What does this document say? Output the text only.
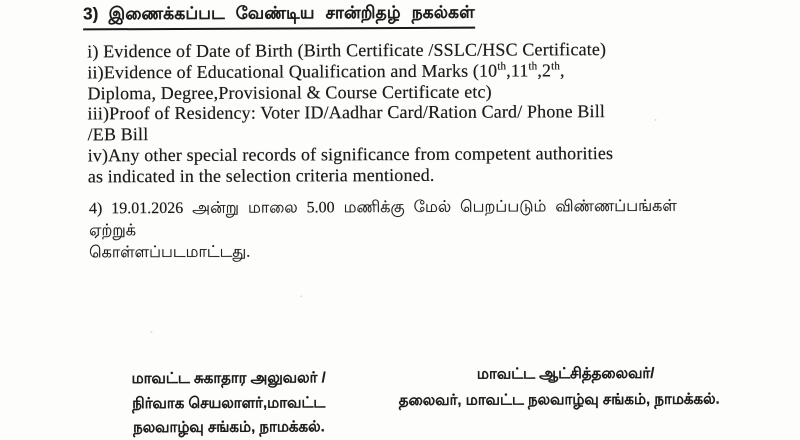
3) இணைக்கப்பட வேண்டிய சான்றிதழ் நகல்கள்
i) Evidence of Date of Birth (Birth Certificate /SSLC/HSC Certificate)
ii)Evidence of Educational Qualification and Marks (10th,11th,2th,
Diploma, Degree,Provisional & Course Certificate etc)
iii)Proof of Residency: Voter ID/Aadhar Card/Ration Card/ Phone Bill
/EB Bill
iv)Any other special records of significance from competent authorities
as indicated in the selection criteria mentioned.
4) 19.01.2026 அன்று மாலை 5.00 மணிக்கு மேல் பெறப்படும் விண்ணப்பங்கள் ஏற்றுக்
கொள்ளப்படமாட்டது.
மாவட்ட சுகாதார அலுவலர் /
நிர்வாக செயலாளர்,மாவட்ட
நலவாழ்வு சங்கம், நாமக்கல்.
மாவட்ட ஆட்சித்தலைவர்/
தலைவர், மாவட்ட நலவாழ்வு சங்கம், நாமக்கல்.
